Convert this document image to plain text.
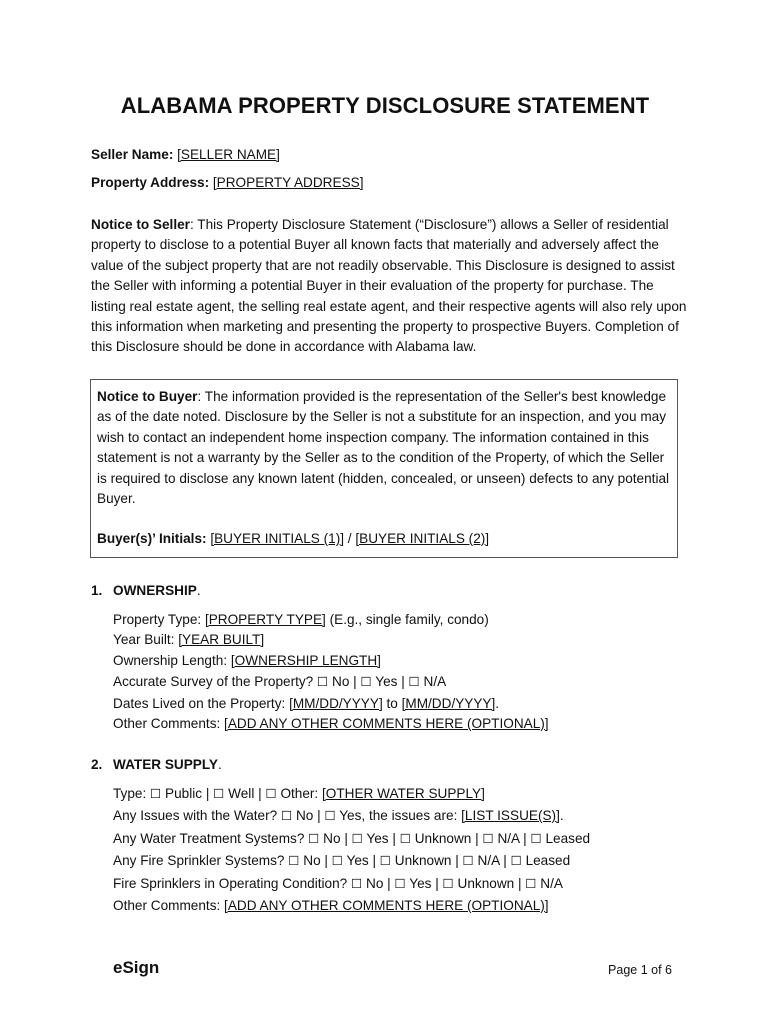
ALABAMA PROPERTY DISCLOSURE STATEMENT
Seller Name: [SELLER NAME]
Property Address: [PROPERTY ADDRESS]
Notice to Seller: This Property Disclosure Statement (“Disclosure”) allows a Seller of residential property to disclose to a potential Buyer all known facts that materially and adversely affect the value of the subject property that are not readily observable. This Disclosure is designed to assist the Seller with informing a potential Buyer in their evaluation of the property for purchase. The listing real estate agent, the selling real estate agent, and their respective agents will also rely upon this information when marketing and presenting the property to prospective Buyers. Completion of this Disclosure should be done in accordance with Alabama law.
Notice to Buyer: The information provided is the representation of the Seller's best knowledge as of the date noted. Disclosure by the Seller is not a substitute for an inspection, and you may wish to contact an independent home inspection company. The information contained in this statement is not a warranty by the Seller as to the condition of the Property, of which the Seller is required to disclose any known latent (hidden, concealed, or unseen) defects to any potential Buyer.
Buyer(s)’ Initials: [BUYER INITIALS (1)] / [BUYER INITIALS (2)]
1. OWNERSHIP.
Property Type: [PROPERTY TYPE] (E.g., single family, condo)
Year Built: [YEAR BUILT]
Ownership Length: [OWNERSHIP LENGTH]
Accurate Survey of the Property? ☐ No | ☐ Yes | ☐ N/A
Dates Lived on the Property: [MM/DD/YYYY] to [MM/DD/YYYY].
Other Comments: [ADD ANY OTHER COMMENTS HERE (OPTIONAL)]
2. WATER SUPPLY.
Type: ☐ Public | ☐ Well | ☐ Other: [OTHER WATER SUPPLY]
Any Issues with the Water? ☐ No | ☐ Yes, the issues are: [LIST ISSUE(S)].
Any Water Treatment Systems? ☐ No | ☐ Yes | ☐ Unknown | ☐ N/A | ☐ Leased
Any Fire Sprinkler Systems? ☐ No | ☐ Yes | ☐ Unknown | ☐ N/A | ☐ Leased
Fire Sprinklers in Operating Condition? ☐ No | ☐ Yes | ☐ Unknown | ☐ N/A
Other Comments: [ADD ANY OTHER COMMENTS HERE (OPTIONAL)]
eSign	Page 1 of 6
